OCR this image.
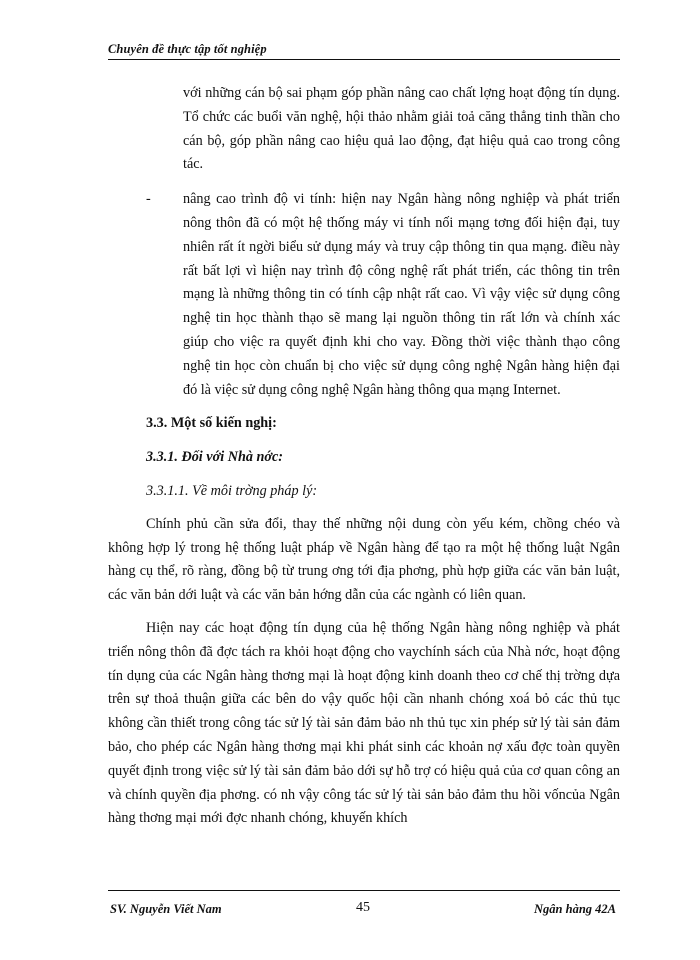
Chuyên đề thực tập tốt nghiệp

với những cán bộ sai phạm góp phần nâng cao chất lợng hoạt động tín dụng. Tổ chức các buổi văn nghệ, hội thảo nhằm giải toả căng thẳng tinh thần cho cán bộ, góp phần nâng cao hiệu quả lao động, đạt hiệu quả cao trong công tác.

-	nâng cao trình độ vi tính: hiện nay Ngân hàng nông nghiệp và phát triển nông thôn đã có một hệ thống máy vi tính nối mạng tơng đối hiện đại, tuy nhiên rất ít ngời biểu sử dụng máy và truy cập thông tin qua mạng. điều này rất bất lợi vì hiện nay trình độ công nghệ rất phát triển, các thông tin trên mạng là những thông tin có tính cập nhật rất cao. Vì vậy việc sử dụng công nghệ tin học thành thạo sẽ mang lại nguồn thông tin rất lớn và chính xác giúp cho việc ra quyết định khi cho vay. Đồng thời việc thành thạo công nghệ tin học còn chuẩn bị cho việc sử dụng công nghệ Ngân hàng hiện đại đó là việc sử dụng công nghệ Ngân hàng thông qua mạng Internet.

3.3. Một số kiến nghị:
3.3.1. Đối với Nhà nớc:
3.3.1.1. Về môi trờng pháp lý:

Chính phủ cần sửa đổi, thay thế những nội dung còn yếu kém, chồng chéo và không hợp lý trong hệ thống luật pháp về Ngân hàng để tạo ra một hệ thống luật Ngân hàng cụ thể, rõ ràng, đồng bộ từ trung ơng tới địa phơng, phù hợp giữa các văn bản luật, các văn bản dới luật và các văn bản hớng dẫn của các ngành có liên quan.

Hiện nay các hoạt động tín dụng của hệ thống Ngân hàng nông nghiệp và phát triển nông thôn đã đợc tách ra khỏi hoạt động cho vaychính sách của Nhà nớc, hoạt động tín dụng của các Ngân hàng thơng mại là hoạt động kinh doanh theo cơ chế thị trờng dựa trên sự thoả thuận giữa các bên do vậy quốc hội cần nhanh chóng xoá bỏ các thủ tục không cần thiết trong công tác sử lý tài sản đảm bảo nh thủ tục xin phép sử lý tài sản đảm bảo, cho phép các Ngân hàng thơng mại khi phát sinh các khoản nợ xấu đợc toàn quyền quyết định trong việc sử lý tài sản đảm bảo dới sự hỗ trợ có hiệu quả của cơ quan công an và chính quyền địa phơng. có nh vậy công tác sử lý tài sản bảo đảm thu hồi vốncủa Ngân hàng thơng mại mới đợc nhanh chóng, khuyến khích

SV. Nguyễn Viết Nam	45	Ngân hàng 42A
